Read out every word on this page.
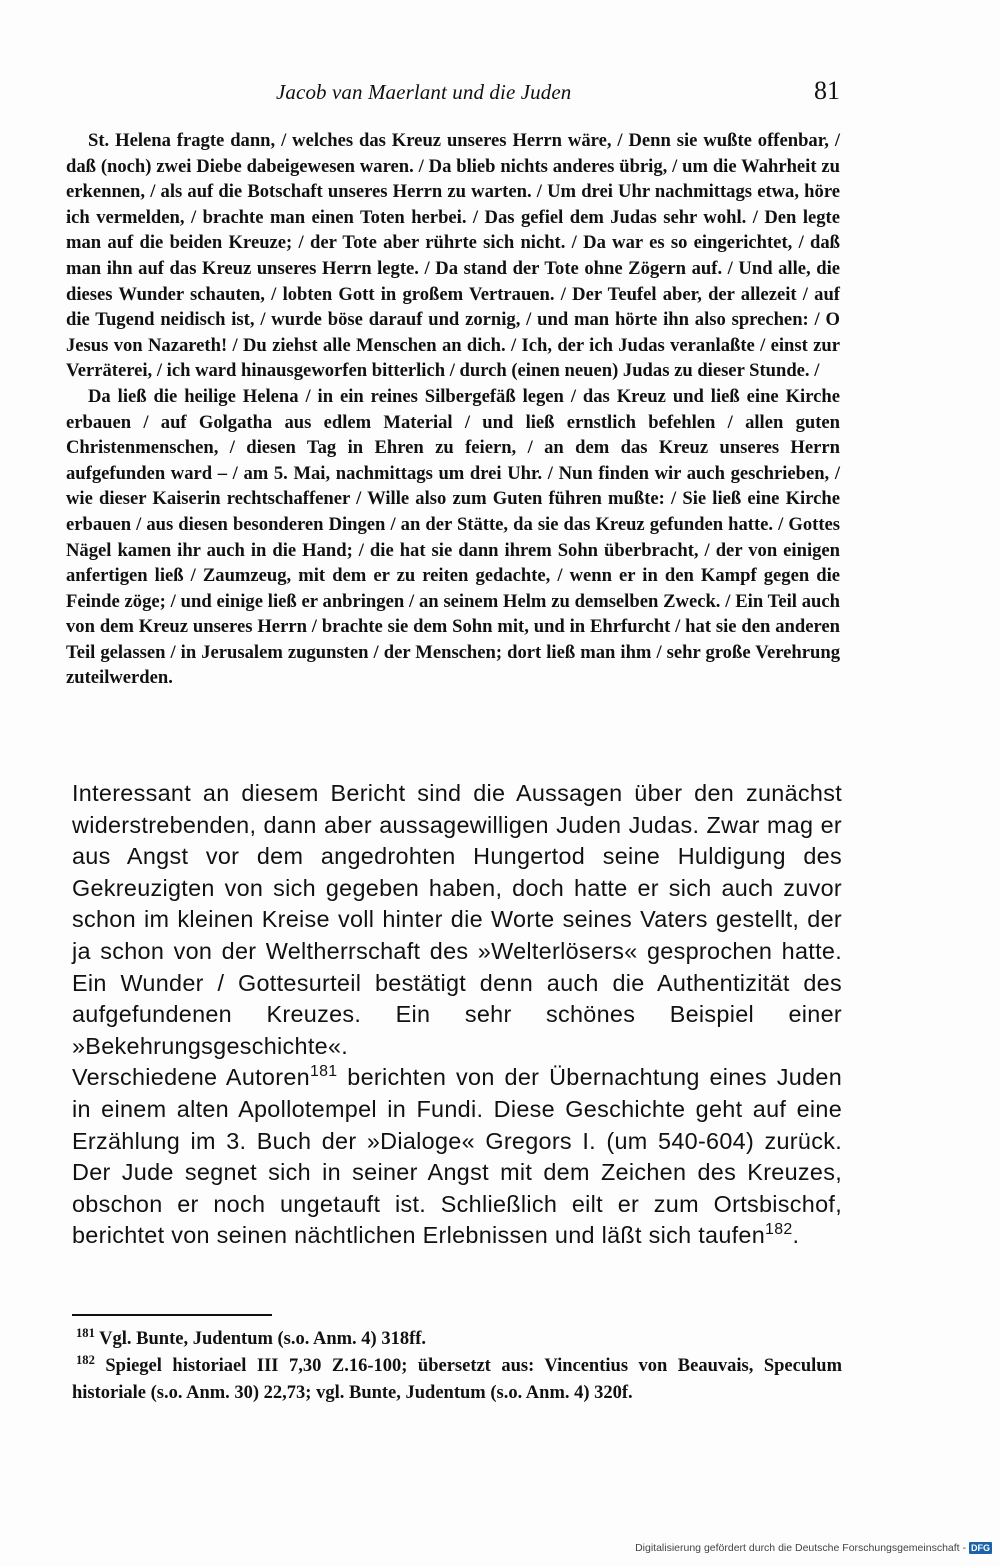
Jacob van Maerlant und die Juden	81

St. Helena fragte dann, / welches das Kreuz unseres Herrn wäre, / Denn sie wußte offenbar, / daß (noch) zwei Diebe dabeigewesen waren. / Da blieb nichts anderes übrig, / um die Wahrheit zu erkennen, / als auf die Botschaft unseres Herrn zu warten. / Um drei Uhr nachmittags etwa, höre ich vermelden, / brachte man einen Toten herbei. / Das gefiel dem Judas sehr wohl. / Den legte man auf die beiden Kreuze; / der Tote aber rührte sich nicht. / Da war es so eingerichtet, / daß man ihn auf das Kreuz unseres Herrn legte. / Da stand der Tote ohne Zögern auf. / Und alle, die dieses Wunder schauten, / lobten Gott in großem Vertrauen. / Der Teufel aber, der allezeit / auf die Tugend neidisch ist, / wurde böse darauf und zornig, / und man hörte ihn also sprechen: / O Jesus von Nazareth! / Du ziehst alle Menschen an dich. / Ich, der ich Judas veranlaßte / einst zur Verräterei, / ich ward hinausgeworfen bitterlich / durch (einen neuen) Judas zu dieser Stunde. /

Da ließ die heilige Helena / in ein reines Silbergefäß legen / das Kreuz und ließ eine Kirche erbauen / auf Golgatha aus edlem Material / und ließ ernstlich befehlen / allen guten Christenmenschen, / diesen Tag in Ehren zu feiern, / an dem das Kreuz unseres Herrn aufgefunden ward – / am 5. Mai, nachmittags um drei Uhr. / Nun finden wir auch geschrieben, / wie dieser Kaiserin rechtschaffener / Wille also zum Guten führen mußte: / Sie ließ eine Kirche erbauen / aus diesen besonderen Dingen / an der Stätte, da sie das Kreuz gefunden hatte. / Gottes Nägel kamen ihr auch in die Hand; / die hat sie dann ihrem Sohn überbracht, / der von einigen anfertigen ließ / Zaumzeug, mit dem er zu reiten gedachte, / wenn er in den Kampf gegen die Feinde zöge; / und einige ließ er anbringen / an seinem Helm zu demselben Zweck. / Ein Teil auch von dem Kreuz unseres Herrn / brachte sie dem Sohn mit, und in Ehrfurcht / hat sie den anderen Teil gelassen / in Jerusalem zugunsten / der Menschen; dort ließ man ihm / sehr große Verehrung zuteilwerden.

Interessant an diesem Bericht sind die Aussagen über den zunächst widerstrebenden, dann aber aussagewilligen Juden Judas. Zwar mag er aus Angst vor dem angedrohten Hungertod seine Huldigung des Gekreuzigten von sich gegeben haben, doch hatte er sich auch zuvor schon im kleinen Kreise voll hinter die Worte seines Vaters gestellt, der ja schon von der Weltherrschaft des »Welterlösers« gesprochen hatte. Ein Wunder / Gottesurteil bestätigt denn auch die Authentizität des aufgefundenen Kreuzes. Ein sehr schönes Beispiel einer »Bekehrungsgeschichte«.

Verschiedene Autoren$^{181}$ berichten von der Übernachtung eines Juden in einem alten Apollotempel in Fundi. Diese Geschichte geht auf eine Erzählung im 3. Buch der »Dialoge« Gregors I. (um 540-604) zurück. Der Jude segnet sich in seiner Angst mit dem Zeichen des Kreuzes, obschon er noch ungetauft ist. Schließlich eilt er zum Ortsbischof, berichtet von seinen nächtlichen Erlebnissen und läßt sich taufen$^{182}$.

$^{181}$ Vgl. Bunte, Judentum (s.o. Anm. 4) 318ff.

$^{182}$ Spiegel historiael III 7,30 Z.16-100; übersetzt aus: Vincentius von Beauvais, Speculum historiale (s.o. Anm. 30) 22,73; vgl. Bunte, Judentum (s.o. Anm. 4) 320f.

Digitalisierung gefördert durch die Deutsche Forschungsgemeinschaft - DFG
